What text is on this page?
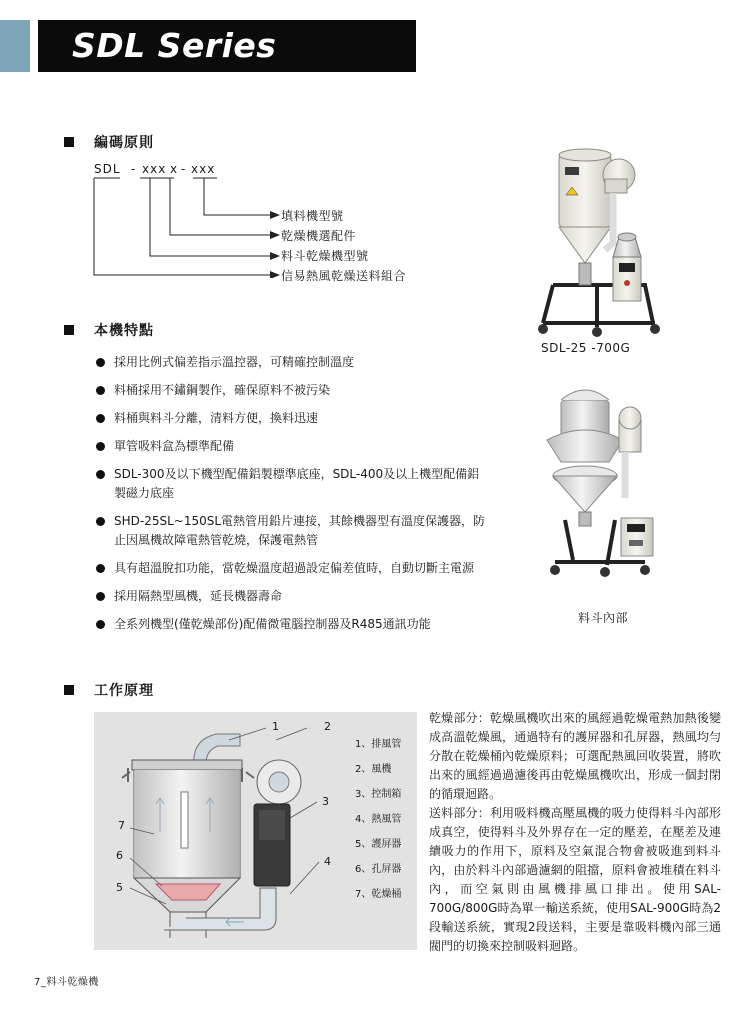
SDL Series
編碼原則
SDL - xxx x - xxx
填料機型號
乾燥機選配件
料斗乾燥機型號
信易熱風乾燥送料組合
本機特點
採用比例式偏差指示溫控器，可精確控制溫度
料桶採用不鏽鋼製作，確保原料不被污染
料桶與料斗分離，清料方便，換料迅速
單管吸料盒為標準配備
SDL-300及以下機型配備鋁製標準底座，SDL-400及以上機型配備鋁製磁力底座
SHD-25SL~150SL電熱管用鉛片連接，其餘機器型有溫度保護器，防止因風機故障電熱管乾燒，保護電熱管
具有超溫脫扣功能，當乾燥溫度超過設定偏差值時，自動切斷主電源
採用隔熱型風機，延長機器壽命
全系列機型(僅乾燥部份)配備微電腦控制器及R485通訊功能
SDL-25 -700G
料斗內部
工作原理
1	2
3
4
5
6
7
1、排風管
2、風機
3、控制箱
4、熱風管
5、護屏器
6、孔屏器
7、乾燥桶

乾燥部分：乾燥風機吹出來的風經過乾燥電熱加熱後變成高溫乾燥風，通過特有的護屏器和孔屏器，熱風均勻分散在乾燥桶內乾燥原料；可選配熱風回收裝置，將吹出來的風經過過濾後再由乾燥風機吹出，形成一個封閉的循環迴路。

送料部分：利用吸料機高壓風機的吸力使得料斗內部形成真空，使得料斗及外界存在一定的壓差，在壓差及連續吸力的作用下，原料及空氣混合物會被吸進到料斗內，由於料斗內部過濾網的阻擋，原料會被堆積在料斗內，而空氣則由風機排風口排出。使用SAL-700G/800G時為單一輸送系統，使用SAL-900G時為2段輸送系統，實現2段送料，主要是靠吸料機內部三通閥門的切換來控制吸料迴路。

7_料斗乾燥機
